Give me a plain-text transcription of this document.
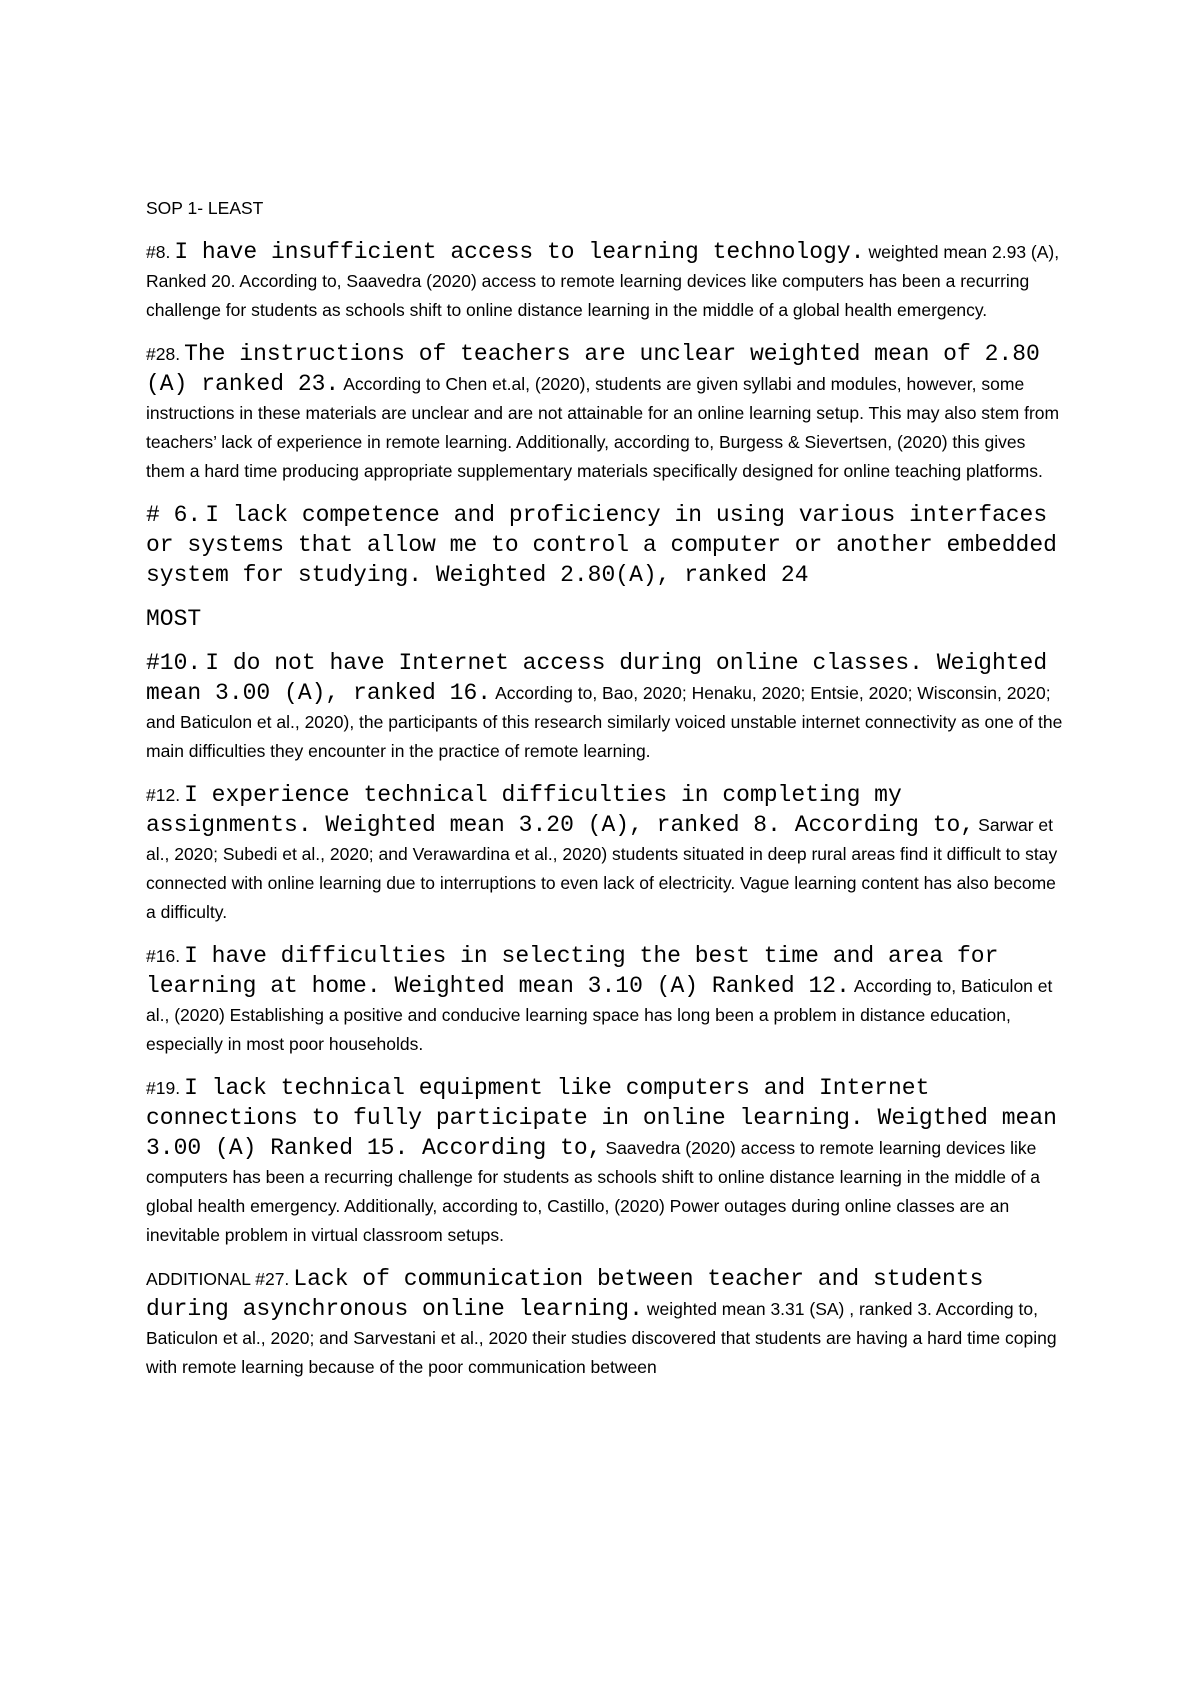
SOP 1- LEAST

#8. I have insufficient access to learning technology. weighted mean 2.93 (A), Ranked 20. According to, Saavedra (2020) access to remote learning devices like computers has been a recurring challenge for students as schools shift to online distance learning in the middle of a global health emergency.

#28. The instructions of teachers are unclear weighted mean of 2.80 (A) ranked 23. According to Chen et.al, (2020), students are given syllabi and modules, however, some instructions in these materials are unclear and are not attainable for an online learning setup. This may also stem from teachers’ lack of experience in remote learning. Additionally, according to, Burgess & Sievertsen, (2020) this gives them a hard time producing appropriate supplementary materials specifically designed for online teaching platforms.

# 6. I lack competence and proficiency in using various interfaces or systems that allow me to control a computer or another embedded system for studying. Weighted 2.80(A), ranked 24

MOST

#10. I do not have Internet access during online classes. Weighted mean 3.00 (A), ranked 16. According to, Bao, 2020; Henaku, 2020; Entsie, 2020; Wisconsin, 2020; and Baticulon et al., 2020), the participants of this research similarly voiced unstable internet connectivity as one of the main difficulties they encounter in the practice of remote learning.

#12. I experience technical difficulties in completing my assignments. Weighted mean 3.20 (A), ranked 8. According to, Sarwar et al., 2020; Subedi et al., 2020; and Verawardina et al., 2020) students situated in deep rural areas find it difficult to stay connected with online learning due to interruptions to even lack of electricity. Vague learning content has also become a difficulty.

#16. I have difficulties in selecting the best time and area for learning at home. Weighted mean 3.10 (A) Ranked 12. According to, Baticulon et al., (2020) Establishing a positive and conducive learning space has long been a problem in distance education, especially in most poor households.

#19. I lack technical equipment like computers and Internet connections to fully participate in online learning. Weigthed mean 3.00 (A) Ranked 15. According to, Saavedra (2020) access to remote learning devices like computers has been a recurring challenge for students as schools shift to online distance learning in the middle of a global health emergency. Additionally, according to, Castillo, (2020) Power outages during online classes are an inevitable problem in virtual classroom setups.

ADDITIONAL #27. Lack of communication between teacher and students during asynchronous online learning. weighted mean 3.31 (SA) , ranked 3. According to, Baticulon et al., 2020; and Sarvestani et al., 2020 their studies discovered that students are having a hard time coping with remote learning because of the poor communication between
